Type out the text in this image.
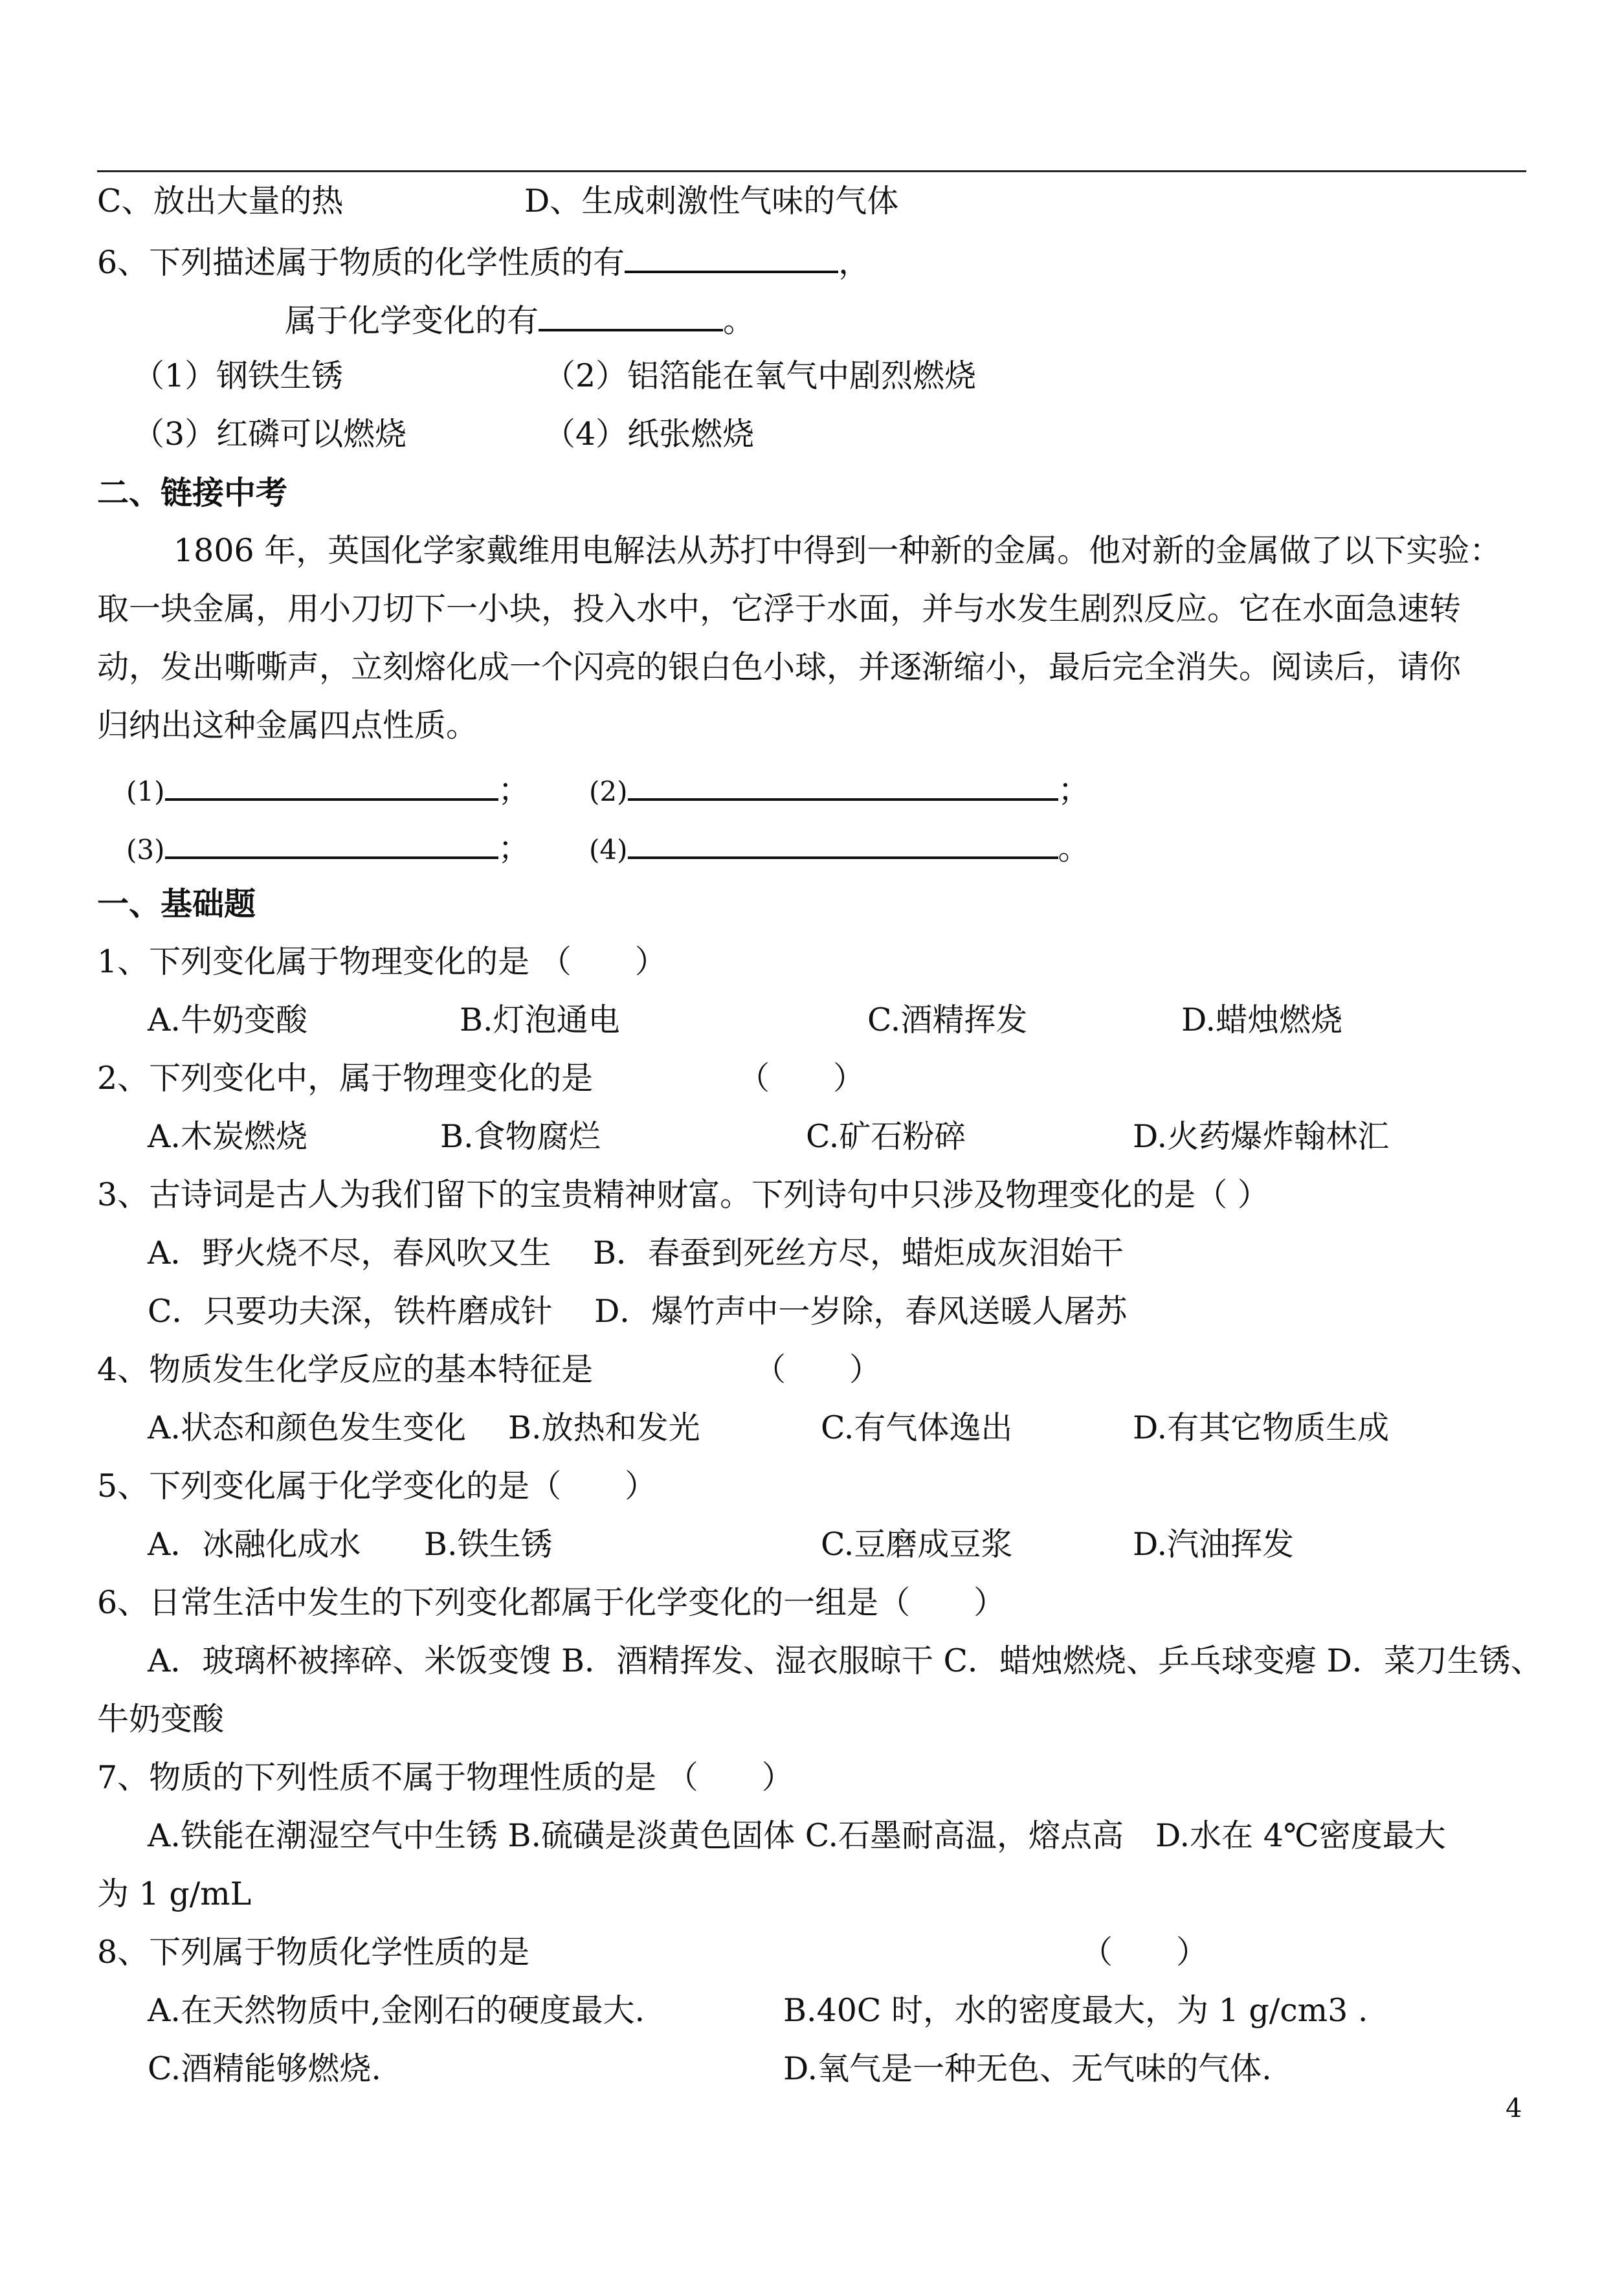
C、放出大量的热	D、生成刺激性气味的气体
6、下列描述属于物质的化学性质的有	，
属于化学变化的有	。
（1）钢铁生锈	（2）铝箔能在氧气中剧烈燃烧
（3）红磷可以燃烧	（4）纸张燃烧
二、链接中考
1806 年，英国化学家戴维用电解法从苏打中得到一种新的金属。他对新的金属做了以下实验：
取一块金属，用小刀切下一小块，投入水中，它浮于水面，并与水发生剧烈反应。它在水面急速转
动，发出嘶嘶声，立刻熔化成一个闪亮的银白色小球，并逐渐缩小，最后完全消失。阅读后，请你
归纳出这种金属四点性质。
(1)	； (2)	；
(3)	； (4)	。
一、基础题
1、下列变化属于物理变化的是 （　　）
A.牛奶变酸	B.灯泡通电	C.酒精挥发	D.蜡烛燃烧
2、下列变化中，属于物理变化的是	（　　）
A.木炭燃烧	B.食物腐烂	C.矿石粉碎	D.火药爆炸翰林汇
3、古诗词是古人为我们留下的宝贵精神财富。下列诗句中只涉及物理变化的是（ ）
A．野火烧不尽，春风吹又生　 B．春蚕到死丝方尽，蜡炬成灰泪始干
C．只要功夫深，铁杵磨成针　 D．爆竹声中一岁除，春风送暖人屠苏
4、物质发生化学反应的基本特征是	（　　）
A.状态和颜色发生变化 B.放热和发光	C.有气体逸出	D.有其它物质生成
5、下列变化属于化学变化的是（　　）
A．冰融化成水 B.铁生锈	C.豆磨成豆浆	D.汽油挥发
6、日常生活中发生的下列变化都属于化学变化的一组是（　　）
A．玻璃杯被摔碎、米饭变馊 B．酒精挥发、湿衣服晾干 C．蜡烛燃烧、乒乓球变瘪 D．菜刀生锈、
牛奶变酸
7、物质的下列性质不属于物理性质的是 （　　）
A.铁能在潮湿空气中生锈 B.硫磺是淡黄色固体 C.石墨耐高温，熔点高　D.水在 4℃密度最大
为 1 g/mL
8、下列属于物质化学性质的是	（　　）
A.在天然物质中,金刚石的硬度最大.	B.40C 时，水的密度最大，为 1 g/cm3 .
C.酒精能够燃烧.	D.氧气是一种无色、无气味的气体.
4
